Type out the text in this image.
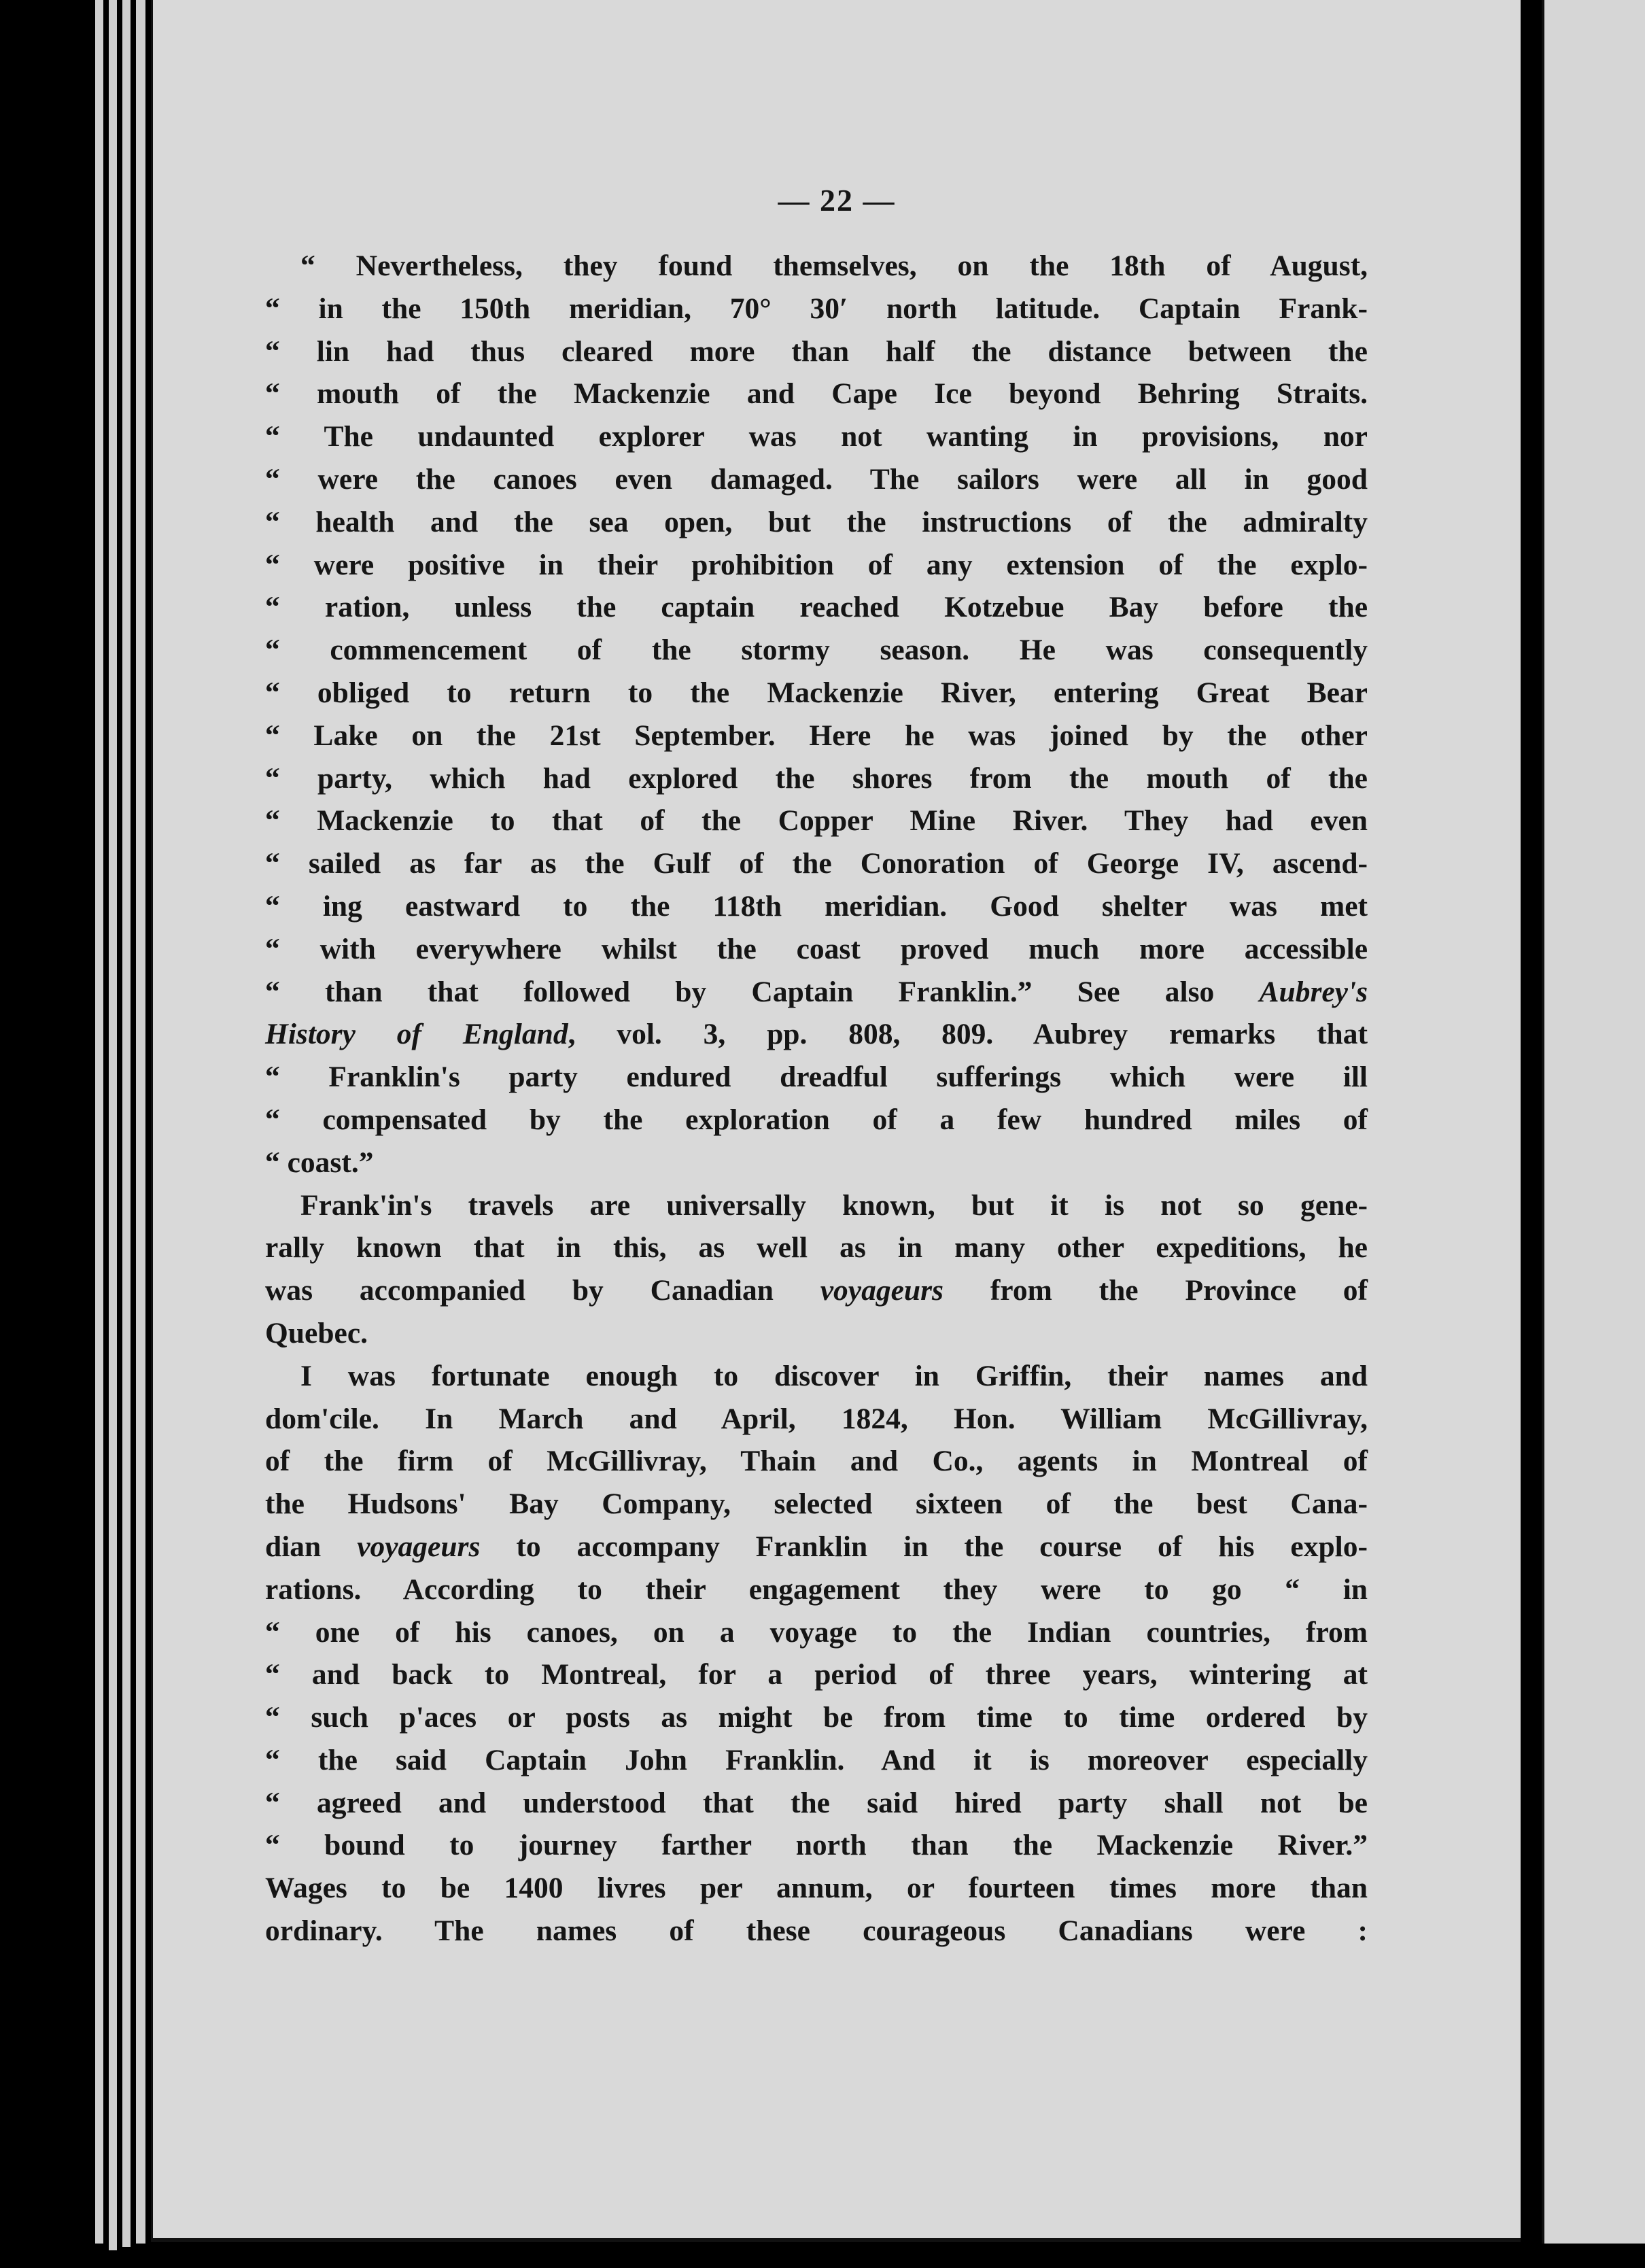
— 22 —
“ Nevertheless, they found themselves, on the 18th of August,
“ in the 150th meridian, 70° 30′ north latitude. Captain Frank-
“ lin had thus cleared more than half the distance between the
“ mouth of the Mackenzie and Cape Ice beyond Behring Straits.
“ The undaunted explorer was not wanting in provisions, nor
“ were the canoes even damaged. The sailors were all in good
“ health and the sea open, but the instructions of the admiralty
“ were positive in their prohibition of any extension of the explo-
“ ration, unless the captain reached Kotzebue Bay before the
“ commencement of the stormy season. He was consequently
“ obliged to return to the Mackenzie River, entering Great Bear
“ Lake on the 21st September. Here he was joined by the other
“ party, which had explored the shores from the mouth of the
“ Mackenzie to that of the Copper Mine River. They had even
“ sailed as far as the Gulf of the Conoration of George IV, ascend-
“ ing eastward to the 118th meridian. Good shelter was met
“ with everywhere whilst the coast proved much more accessible
“ than that followed by Captain Franklin.” See also Aubrey's
History of England, vol. 3, pp. 808, 809. Aubrey remarks that
“ Franklin's party endured dreadful sufferings which were ill
“ compensated by the exploration of a few hundred miles of
“ coast.”
Frank'in's travels are universally known, but it is not so gene-
rally known that in this, as well as in many other expeditions, he
was accompanied by Canadian voyageurs from the Province of
Quebec.
I was fortunate enough to discover in Griffin, their names and
dom'cile. In March and April, 1824, Hon. William McGillivray,
of the firm of McGillivray, Thain and Co., agents in Montreal of
the Hudsons' Bay Company, selected sixteen of the best Cana-
dian voyageurs to accompany Franklin in the course of his explo-
rations. According to their engagement they were to go “ in
“ one of his canoes, on a voyage to the Indian countries, from
“ and back to Montreal, for a period of three years, wintering at
“ such p'aces or posts as might be from time to time ordered by
“ the said Captain John Franklin. And it is moreover especially
“ agreed and understood that the said hired party shall not be
“ bound to journey farther north than the Mackenzie River.”
Wages to be 1400 livres per annum, or fourteen times more than
ordinary. The names of these courageous Canadians were :
